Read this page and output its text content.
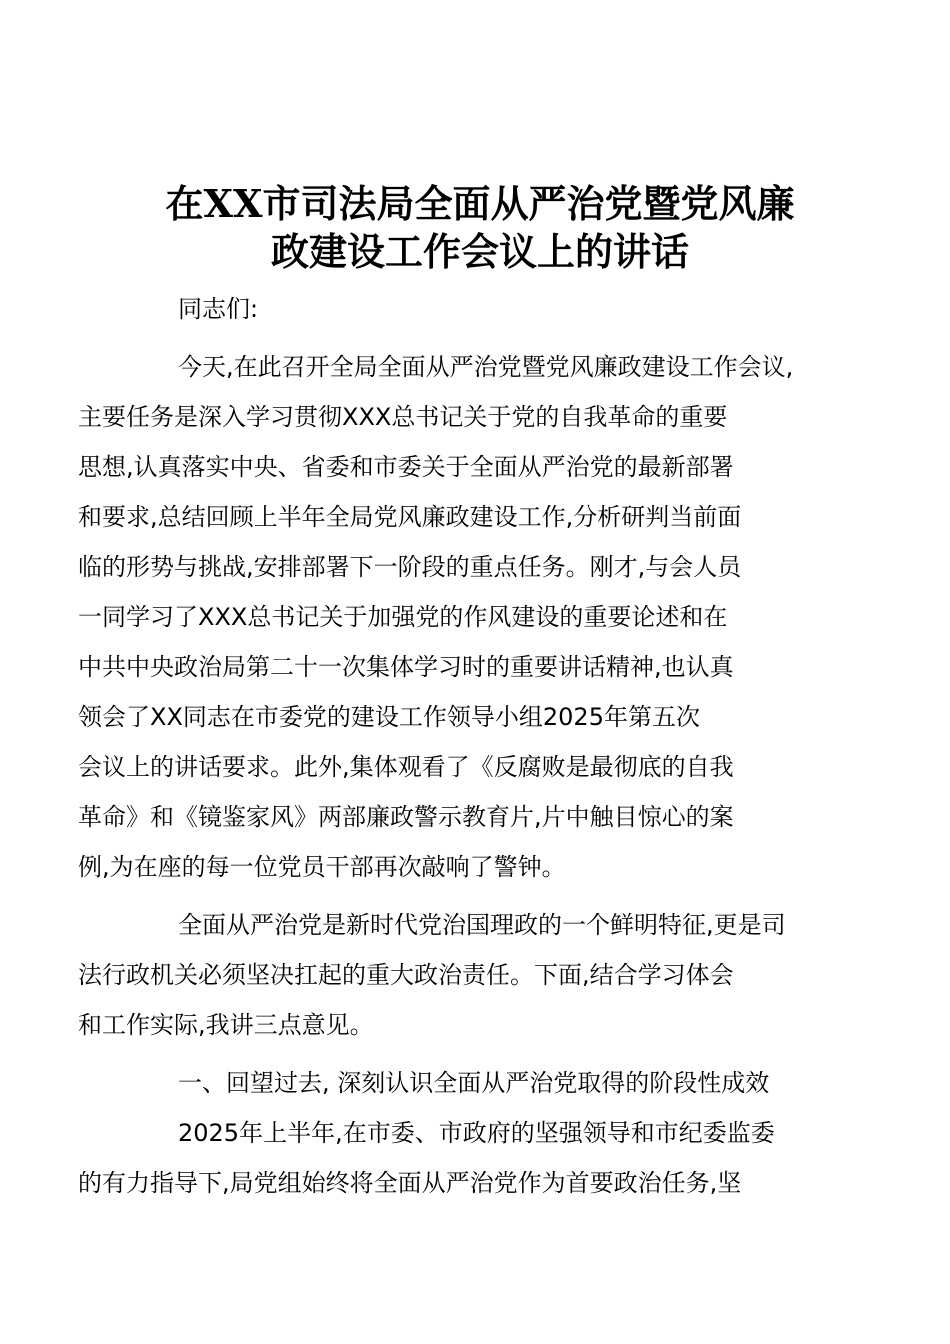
在XX市司法局全面从严治党暨党风廉
政建设工作会议上的讲话

同志们:

今天,在此召开全局全面从严治党暨党风廉政建设工作会议,
主要任务是深入学习贯彻XXX总书记关于党的自我革命的重要
思想,认真落实中央、省委和市委关于全面从严治党的最新部署
和要求,总结回顾上半年全局党风廉政建设工作,分析研判当前面
临的形势与挑战,安排部署下一阶段的重点任务。刚才,与会人员
一同学习了XXX总书记关于加强党的作风建设的重要论述和在
中共中央政治局第二十一次集体学习时的重要讲话精神,也认真
领会了XX同志在市委党的建设工作领导小组2025年第五次
会议上的讲话要求。此外,集体观看了《反腐败是最彻底的自我
革命》和《镜鉴家风》两部廉政警示教育片,片中触目惊心的案
例,为在座的每一位党员干部再次敲响了警钟。

全面从严治党是新时代党治国理政的一个鲜明特征,更是司
法行政机关必须坚决扛起的重大政治责任。下面,结合学习体会
和工作实际,我讲三点意见。

一、回望过去, 深刻认识全面从严治党取得的阶段性成效

2025年上半年,在市委、市政府的坚强领导和市纪委监委
的有力指导下,局党组始终将全面从严治党作为首要政治任务,坚
